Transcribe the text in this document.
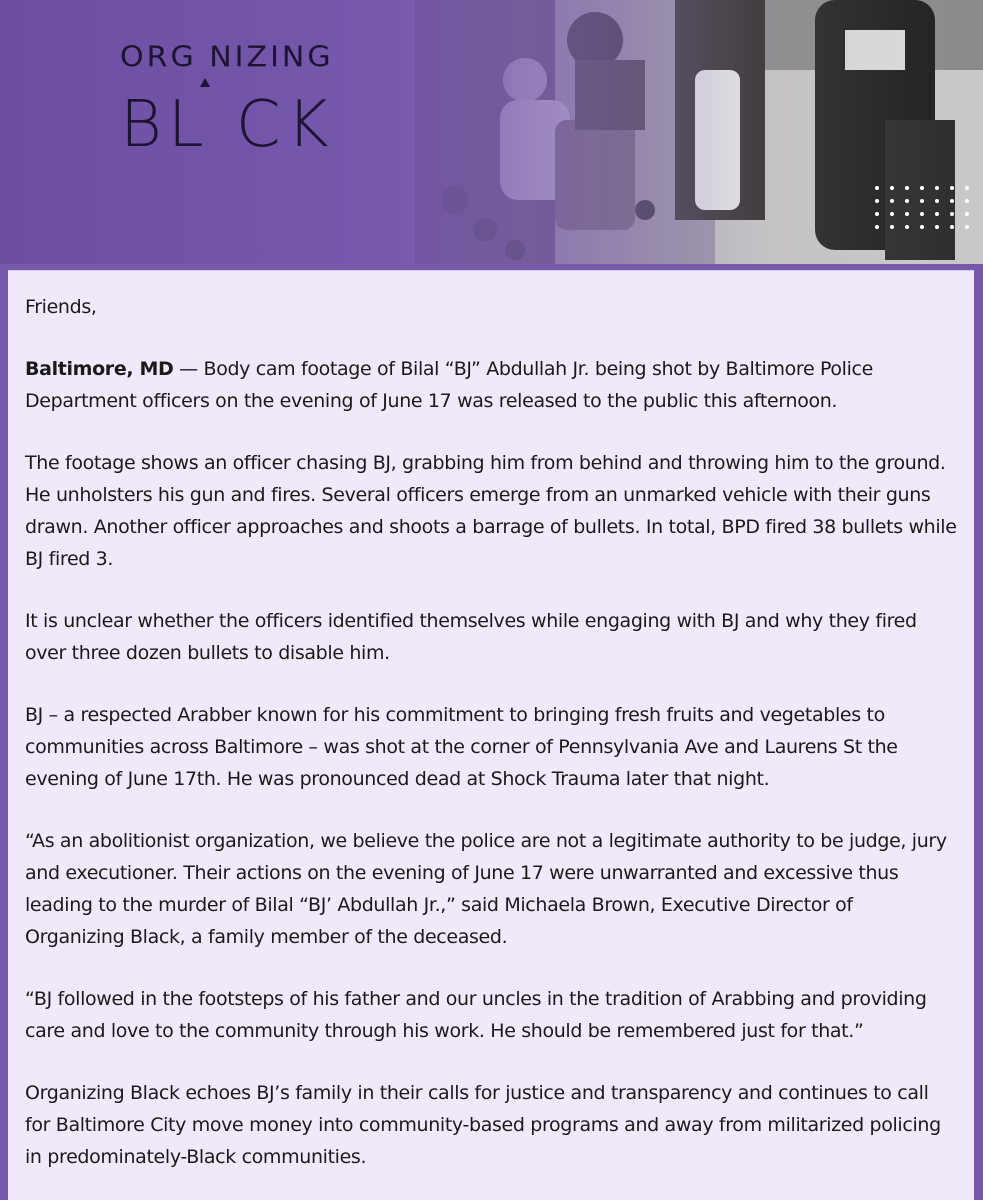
ORG NIZING
BL CK

Friends,

Baltimore, MD — Body cam footage of Bilal “BJ” Abdullah Jr. being shot by Baltimore Police Department officers on the evening of June 17 was released to the public this afternoon.

The footage shows an officer chasing BJ, grabbing him from behind and throwing him to the ground. He unholsters his gun and fires. Several officers emerge from an unmarked vehicle with their guns drawn. Another officer approaches and shoots a barrage of bullets. In total, BPD fired 38 bullets while BJ fired 3.

It is unclear whether the officers identified themselves while engaging with BJ and why they fired over three dozen bullets to disable him.

BJ – a respected Arabber known for his commitment to bringing fresh fruits and vegetables to communities across Baltimore – was shot at the corner of Pennsylvania Ave and Laurens St the evening of June 17th. He was pronounced dead at Shock Trauma later that night.

“As an abolitionist organization, we believe the police are not a legitimate authority to be judge, jury and executioner. Their actions on the evening of June 17 were unwarranted and excessive thus leading to the murder of Bilal “BJ’ Abdullah Jr.,” said Michaela Brown, Executive Director of Organizing Black, a family member of the deceased.

“BJ followed in the footsteps of his father and our uncles in the tradition of Arabbing and providing care and love to the community through his work. He should be remembered just for that.”

Organizing Black echoes BJ’s family in their calls for justice and transparency and continues to call for Baltimore City move money into community-based programs and away from militarized policing in predominately-Black communities.
